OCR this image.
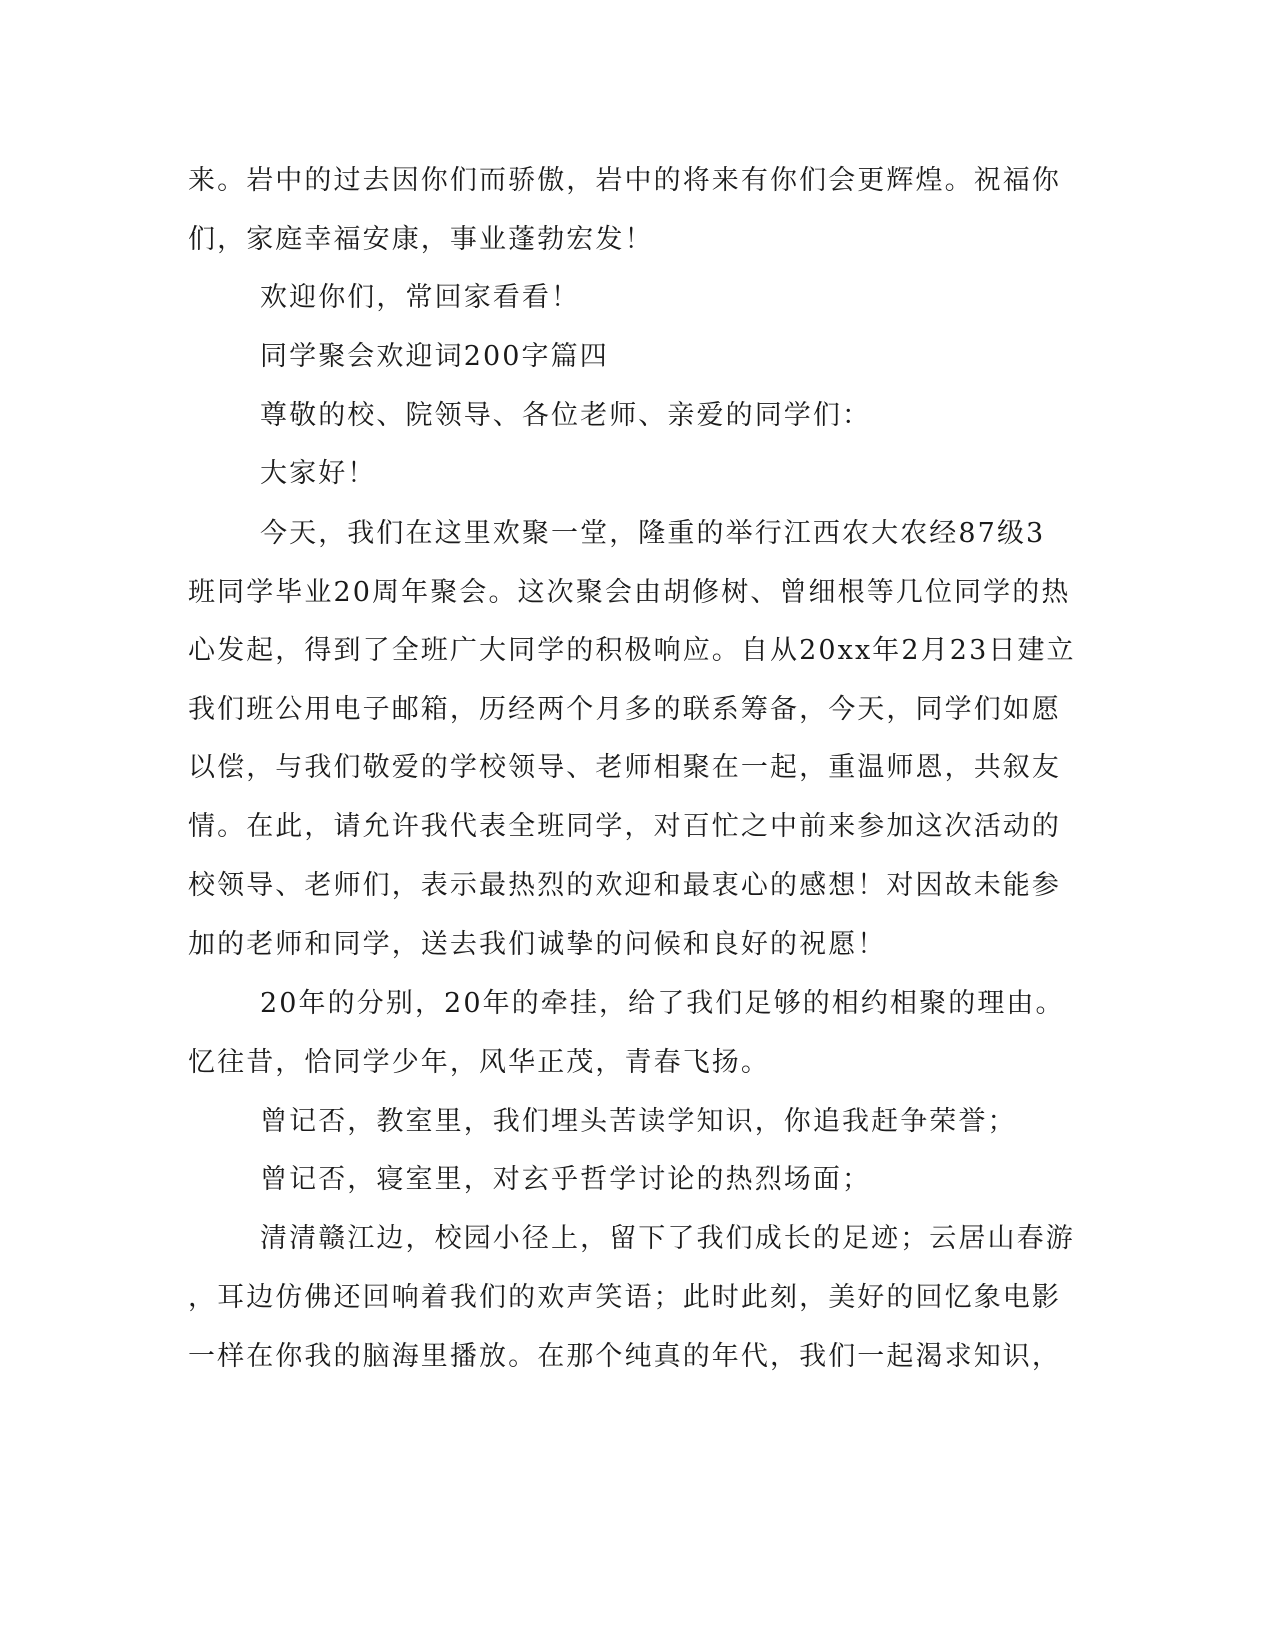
来。岩中的过去因你们而骄傲，岩中的将来有你们会更辉煌。祝福你
们，家庭幸福安康，事业蓬勃宏发！
欢迎你们，常回家看看！
同学聚会欢迎词200字篇四
尊敬的校、院领导、各位老师、亲爱的同学们：
大家好！
今天，我们在这里欢聚一堂，隆重的举行江西农大农经87级3
班同学毕业20周年聚会。这次聚会由胡修树、曾细根等几位同学的热
心发起，得到了全班广大同学的积极响应。自从20xx年2月23日建立
我们班公用电子邮箱，历经两个月多的联系筹备，今天，同学们如愿
以偿，与我们敬爱的学校领导、老师相聚在一起，重温师恩，共叙友
情。在此，请允许我代表全班同学，对百忙之中前来参加这次活动的
校领导、老师们，表示最热烈的欢迎和最衷心的感想！对因故未能参
加的老师和同学，送去我们诚挚的问候和良好的祝愿！
20年的分别，20年的牵挂，给了我们足够的相约相聚的理由。
忆往昔，恰同学少年，风华正茂，青春飞扬。
曾记否，教室里，我们埋头苦读学知识，你追我赶争荣誉；
曾记否，寝室里，对玄乎哲学讨论的热烈场面；
清清赣江边，校园小径上，留下了我们成长的足迹；云居山春游
，耳边仿佛还回响着我们的欢声笑语；此时此刻，美好的回忆象电影
一样在你我的脑海里播放。在那个纯真的年代，我们一起渴求知识，
